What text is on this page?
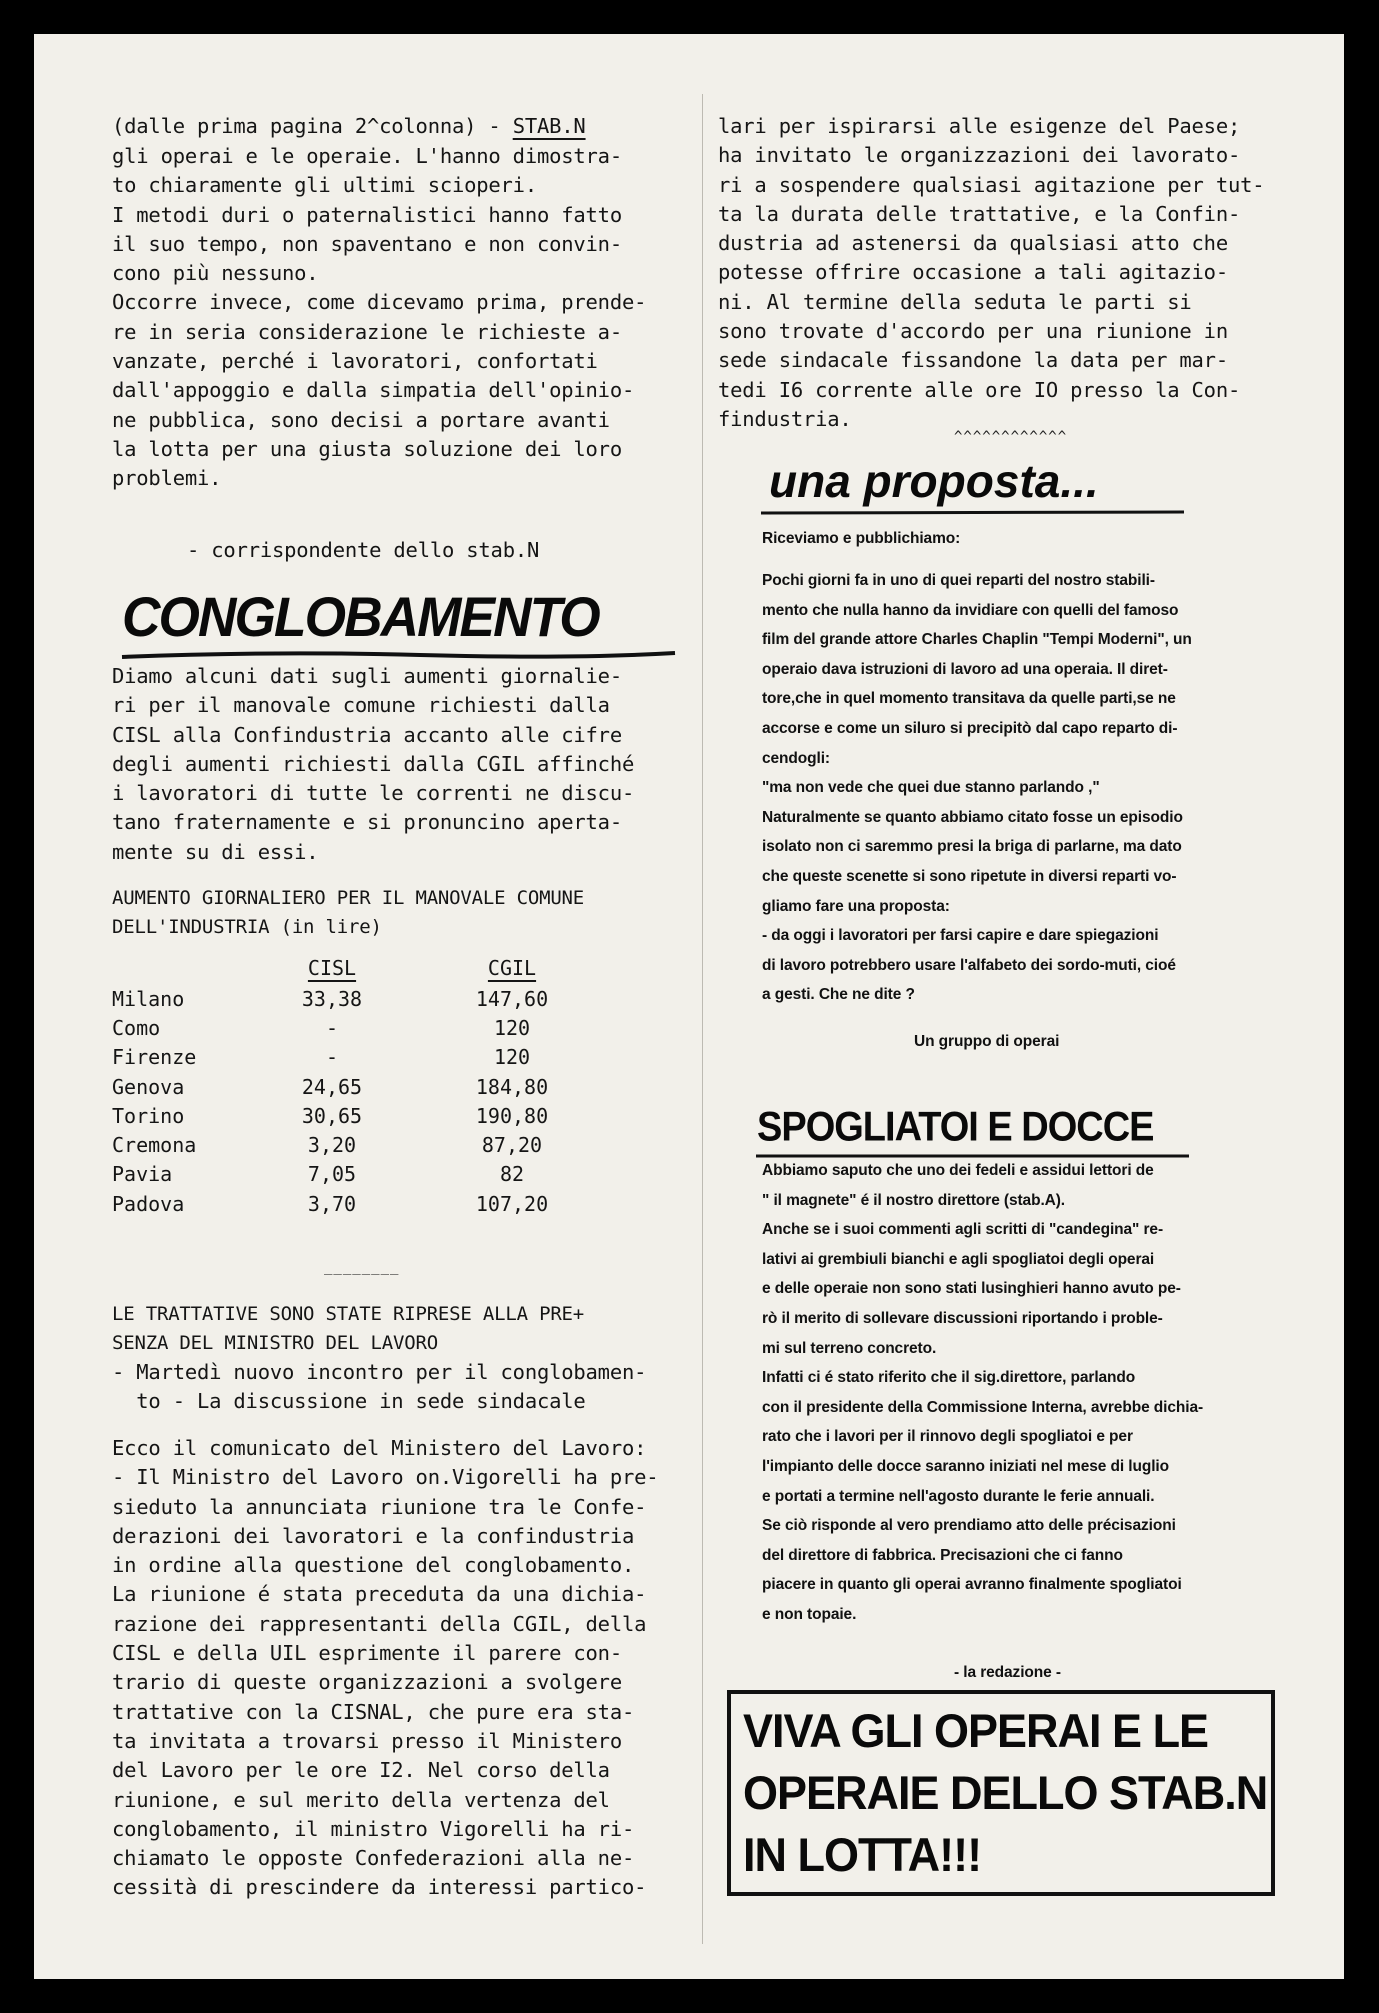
(dalle prima pagina 2^colonna) - STAB.N
gli operai e le operaie. L'hanno dimostra-
to chiaramente gli ultimi scioperi.
I metodi duri o paternalistici hanno fatto
il suo tempo, non spaventano e non convin-
cono più nessuno.
Occorre invece, come dicevamo prima, prende-
re in seria considerazione le richieste a-
vanzate, perché i lavoratori, confortati
dall'appoggio e dalla simpatia dell'opinio-
ne pubblica, sono decisi a portare avanti
la lotta per una giusta soluzione dei loro
problemi.
- corrispondente dello stab.N
CONGLOBAMENTO
Diamo alcuni dati sugli aumenti giornalie-
ri per il manovale comune richiesti dalla
CISL alla Confindustria accanto alle cifre
degli aumenti richiesti dalla CGIL affinché
i lavoratori di tutte le correnti ne discu-
tano fraternamente e si pronuncino aperta-
mente su di essi.
AUMENTO GIORNALIERO PER IL MANOVALE COMUNE
DELL'INDUSTRIA (in lire)
	CISL		CGIL
Milano	33,38		147,60
Como	-		120
Firenze	-		120
Genova	24,65		184,80
Torino	30,65		190,80
Cremona	3,20		87,20
Pavia	7,05		82
Padova	3,70		107,20
________
LE TRATTATIVE SONO STATE RIPRESE ALLA PRE+
SENZA DEL MINISTRO DEL LAVORO
- Martedì nuovo incontro per il conglobamen-
to - La discussione in sede sindacale
Ecco il comunicato del Ministero del Lavoro:
- Il Ministro del Lavoro on.Vigorelli ha pre-
sieduto la annunciata riunione tra le Confe-
derazioni dei lavoratori e la confindustria
in ordine alla questione del conglobamento.
La riunione é stata preceduta da una dichia-
razione dei rappresentanti della CGIL, della
CISL e della UIL esprimente il parere con-
trario di queste organizzazioni a svolgere
trattative con la CISNAL, che pure era sta-
ta invitata a trovarsi presso il Ministero
del Lavoro per le ore I2. Nel corso della
riunione, e sul merito della vertenza del
conglobamento, il ministro Vigorelli ha ri-
chiamato le opposte Confederazioni alla ne-
cessità di prescindere da interessi partico-
lari per ispirarsi alle esigenze del Paese;
ha invitato le organizzazioni dei lavorato-
ri a sospendere qualsiasi agitazione per tut-
ta la durata delle trattative, e la Confin-
dustria ad astenersi da qualsiasi atto che
potesse offrire occasione a tali agitazio-
ni. Al termine della seduta le parti si
sono trovate d'accordo per una riunione in
sede sindacale fissandone la data per mar-
tedi I6 corrente alle ore IO presso la Con-
findustria.
^^^^^^^^^^^^
una proposta...
Riceviamo e pubblichiamo:
Pochi giorni fa in uno di quei reparti del nostro stabili-
mento che nulla hanno da invidiare con quelli del famoso
film del grande attore Charles Chaplin "Tempi Moderni", un
operaio dava istruzioni di lavoro ad una operaia. Il diret-
tore,che in quel momento transitava da quelle parti,se ne
accorse e come un siluro si precipitò dal capo reparto di-
cendogli:
"ma non vede che quei due stanno parlando ,"
Naturalmente se quanto abbiamo citato fosse un episodio
isolato non ci saremmo presi la briga di parlarne, ma dato
che queste scenette si sono ripetute in diversi reparti vo-
gliamo fare una proposta:
- da oggi i lavoratori per farsi capire e dare spiegazioni
di lavoro potrebbero usare l'alfabeto dei sordo-muti, cioé
a gesti. Che ne dite ?
Un gruppo di operai
SPOGLIATOI E DOCCE
Abbiamo saputo che uno dei fedeli e assidui lettori de
" il magnete" é il nostro direttore (stab.A).
Anche se i suoi commenti agli scritti di "candegina" re-
lativi ai grembiuli bianchi e agli spogliatoi degli operai
e delle operaie non sono stati lusinghieri hanno avuto pe-
rò il merito di sollevare discussioni riportando i proble-
mi sul terreno concreto.
Infatti ci é stato riferito che il sig.direttore, parlando
con il presidente della Commissione Interna, avrebbe dichia-
rato che i lavori per il rinnovo degli spogliatoi e per
l'impianto delle docce saranno iniziati nel mese di luglio
e portati a termine nell'agosto durante le ferie annuali.
Se ciò risponde al vero prendiamo atto delle précisazioni
del direttore di fabbrica. Precisazioni che ci fanno
piacere in quanto gli operai avranno finalmente spogliatoi
e non topaie.
- la redazione -
VIVA GLI OPERAI E LE
OPERAIE DELLO STAB.N
IN LOTTA!!!
